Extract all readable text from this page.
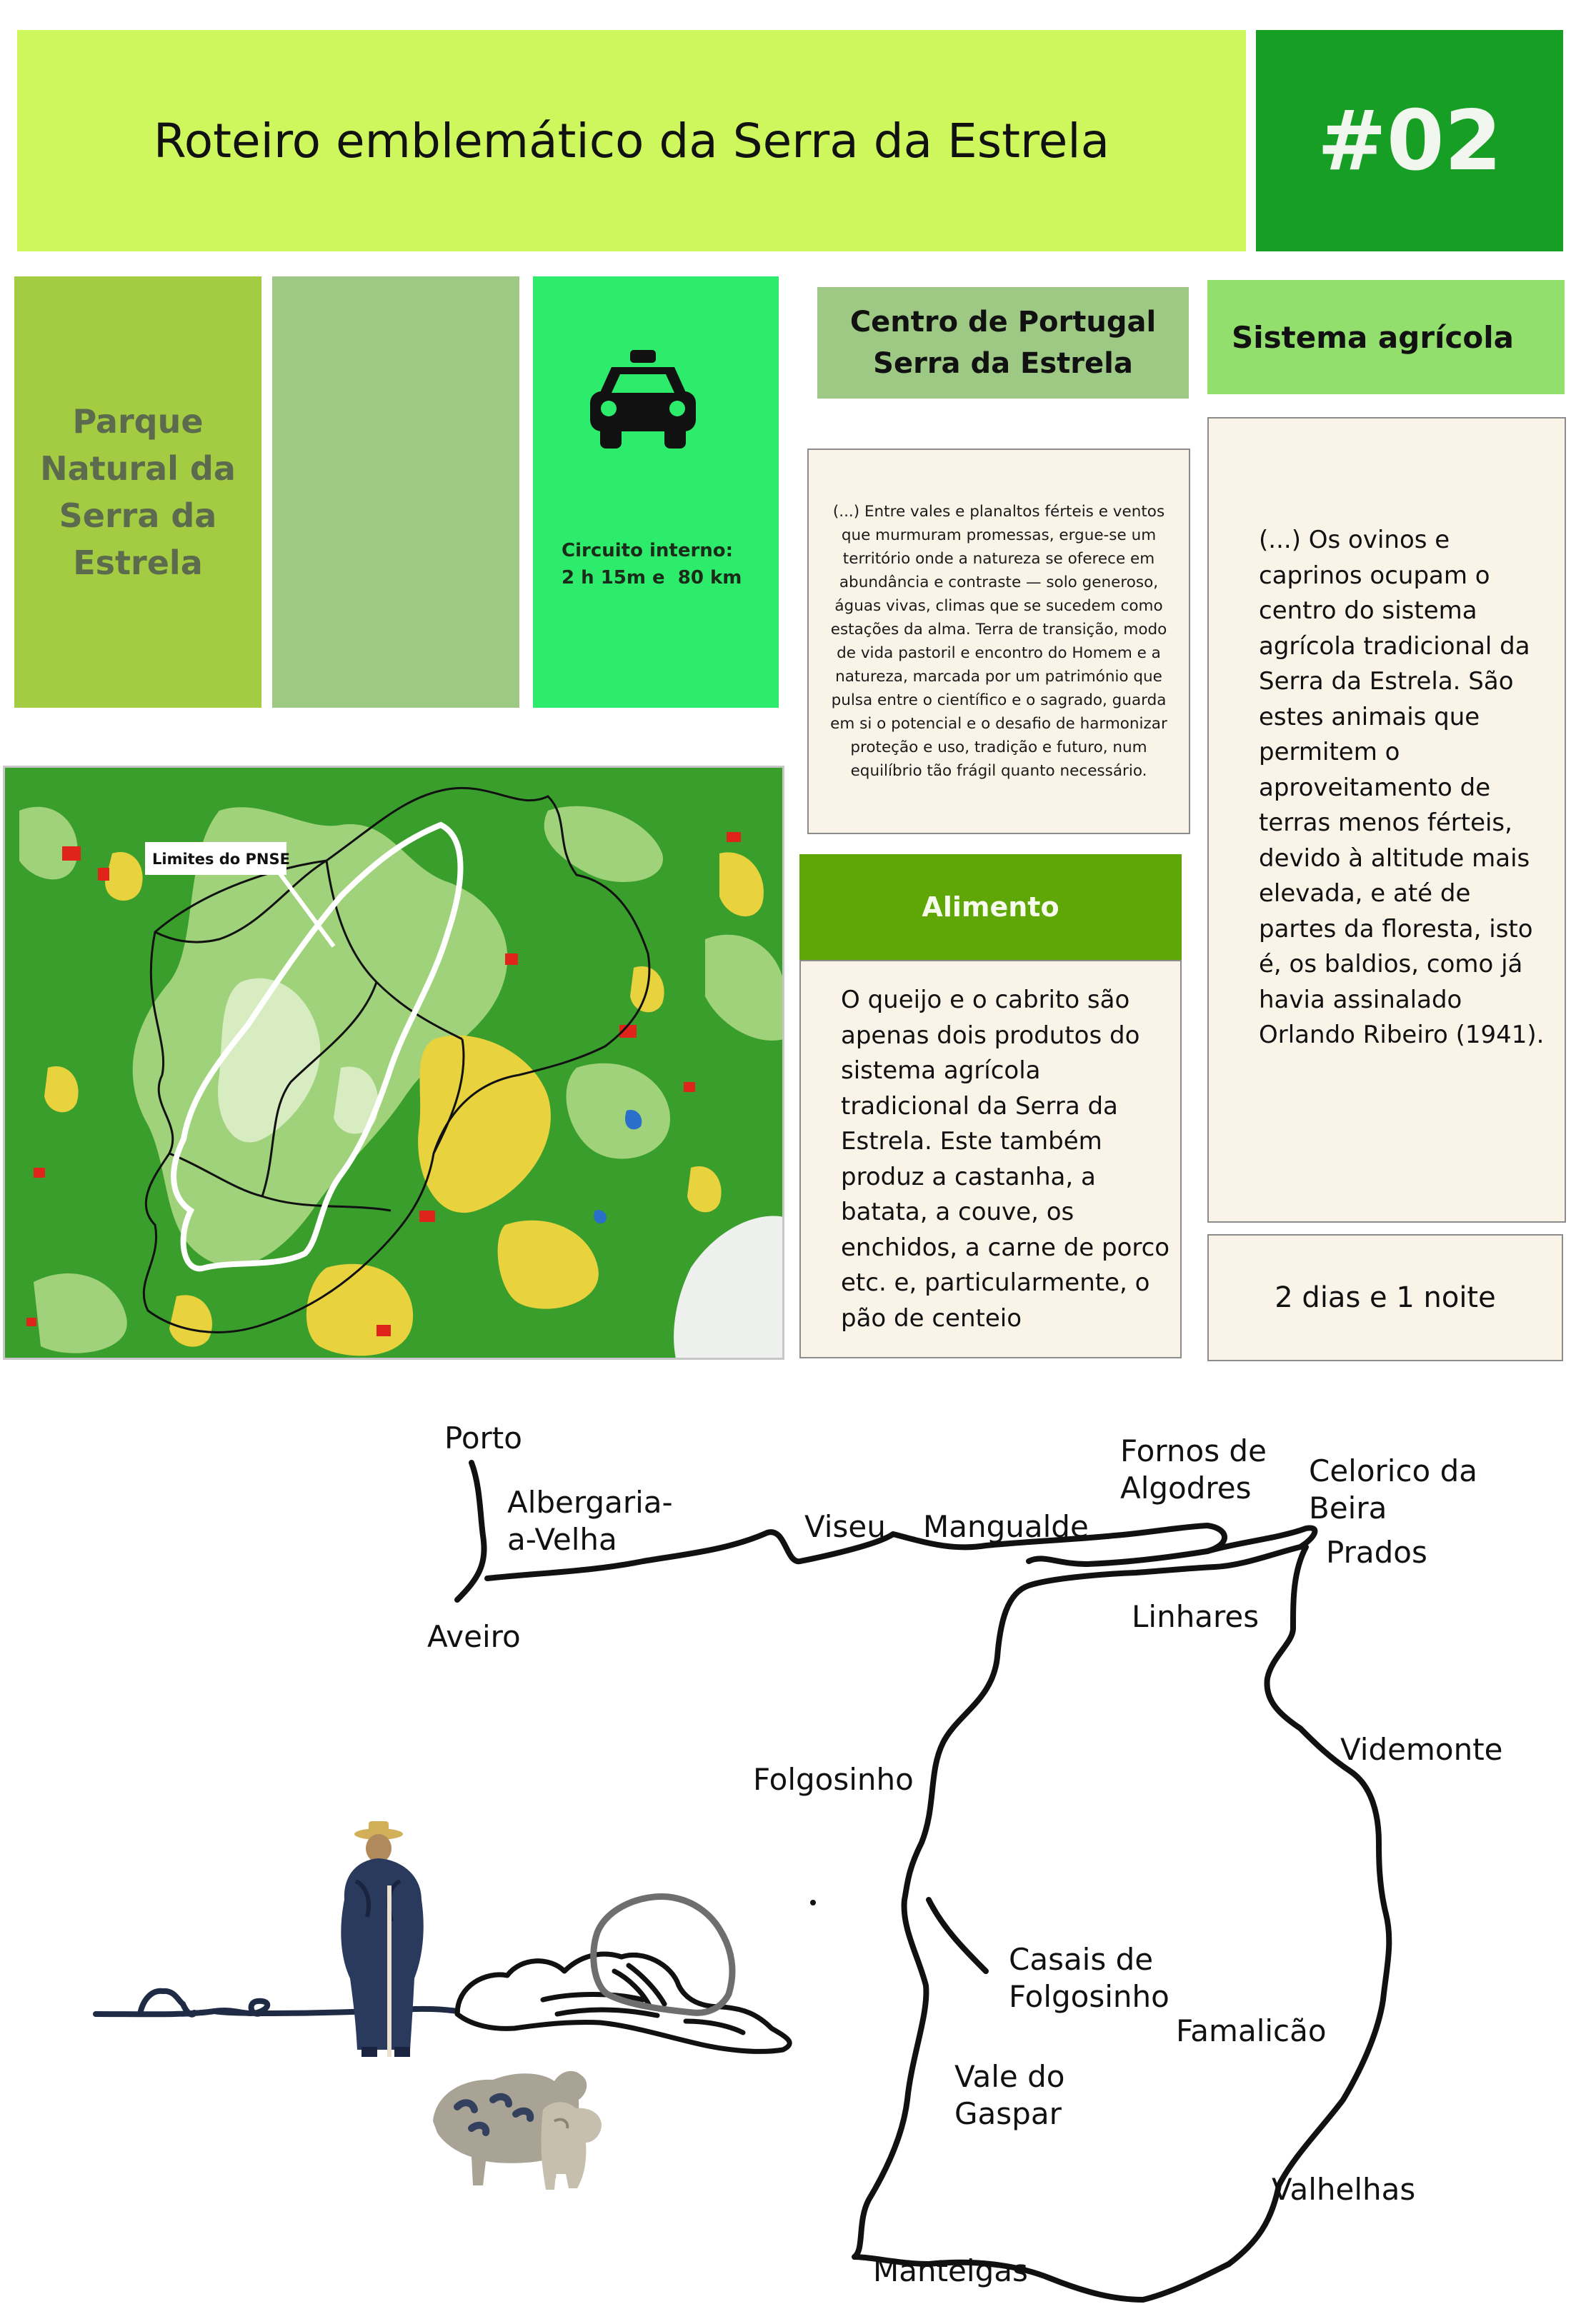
Roteiro emblemático da Serra da Estrela	#02
Parque Natural da Serra da Estrela	Circuito interno:
2 h 15m e  80 km
Centro de Portugal
Serra da Estrela
Sistema agrícola

(...) Entre vales e planaltos férteis e ventos que murmuram promessas, ergue-se um território onde a natureza se oferece em abundância e contraste — solo generoso, águas vivas, climas que se sucedem como estações da alma. Terra de transição, modo de vida pastoril e encontro do Homem e a natureza, marcada por um património que pulsa entre o científico e o sagrado, guarda em si o potencial e o desafio de harmonizar proteção e uso, tradição e futuro, num equilíbrio tão frágil quanto necessário.

(...) Os ovinos e caprinos ocupam o centro do sistema agrícola tradicional da Serra da Estrela. São estes animais que permitem o aproveitamento de terras menos férteis, devido à altitude mais elevada, e até de partes da floresta, isto é, os baldios, como já havia assinalado Orlando Ribeiro (1941).

Alimento

O queijo e o cabrito são apenas dois produtos do sistema agrícola tradicional da Serra da Estrela. Este também produz a castanha, a batata, a couve, os enchidos, a carne de porco etc. e, particularmente, o pão de centeio

2 dias e 1 noite
Limites do PNSE
Porto
Albergaria-a-Velha
Aveiro
Viseu Mangualde
Fornos de Algodres	Celorico da Beira
Prados
Linhares
Videmonte
Folgosinho
Casais de Folgosinho
Famalicão
Vale do Gaspar
Valhelhas
Manteigas
